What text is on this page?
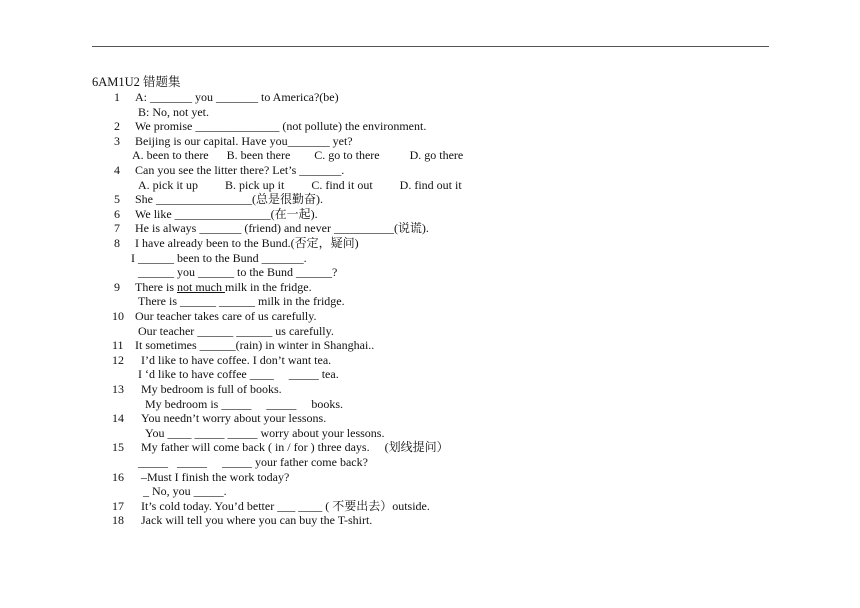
6AM1U2 错题集
1	A: _______ you _______ to America?(be)
B: No, not yet.
2	We promise ______________ (not pollute) the environment.
3	Beijing is our capital. Have you_______ yet?
A. been to there      B. been there        C. go to there          D. go there
4	Can you see the litter there? Let’s _______.
A. pick it up         B. pick up it         C. find it out         D. find out it
5	She ________________(总是很勤奋).
6	We like ________________(在一起).
7	He is always _______ (friend) and never __________(说谎).
8	I have already been to the Bund.(否定，疑问)
I ______ been to the Bund _______.
______ you ______ to the Bund ______?
9	There is not much milk in the fridge.
There is ______ ______ milk in the fridge.
10 Our teacher takes care of us carefully.
Our teacher ______ ______ us carefully.
11 It sometimes ______(rain) in winter in Shanghai..
12	I’d like to have coffee. I don’t want tea.
I ‘d like to have coffee ____     _____ tea.
13	My bedroom is full of books.
My bedroom is _____     _____     books.
14	You needn’t worry about your lessons.
You ____ _____ _____ worry about your lessons.
15	My father will come back ( in / for ) three days.     (划线提问）
_____   _____     _____ your father come back?
16	–Must I finish the work today?
_ No, you _____.
17	It’s cold today. You’d better ___ ____ ( 不要出去）outside.
18	Jack will tell you where you can buy the T-shirt.
